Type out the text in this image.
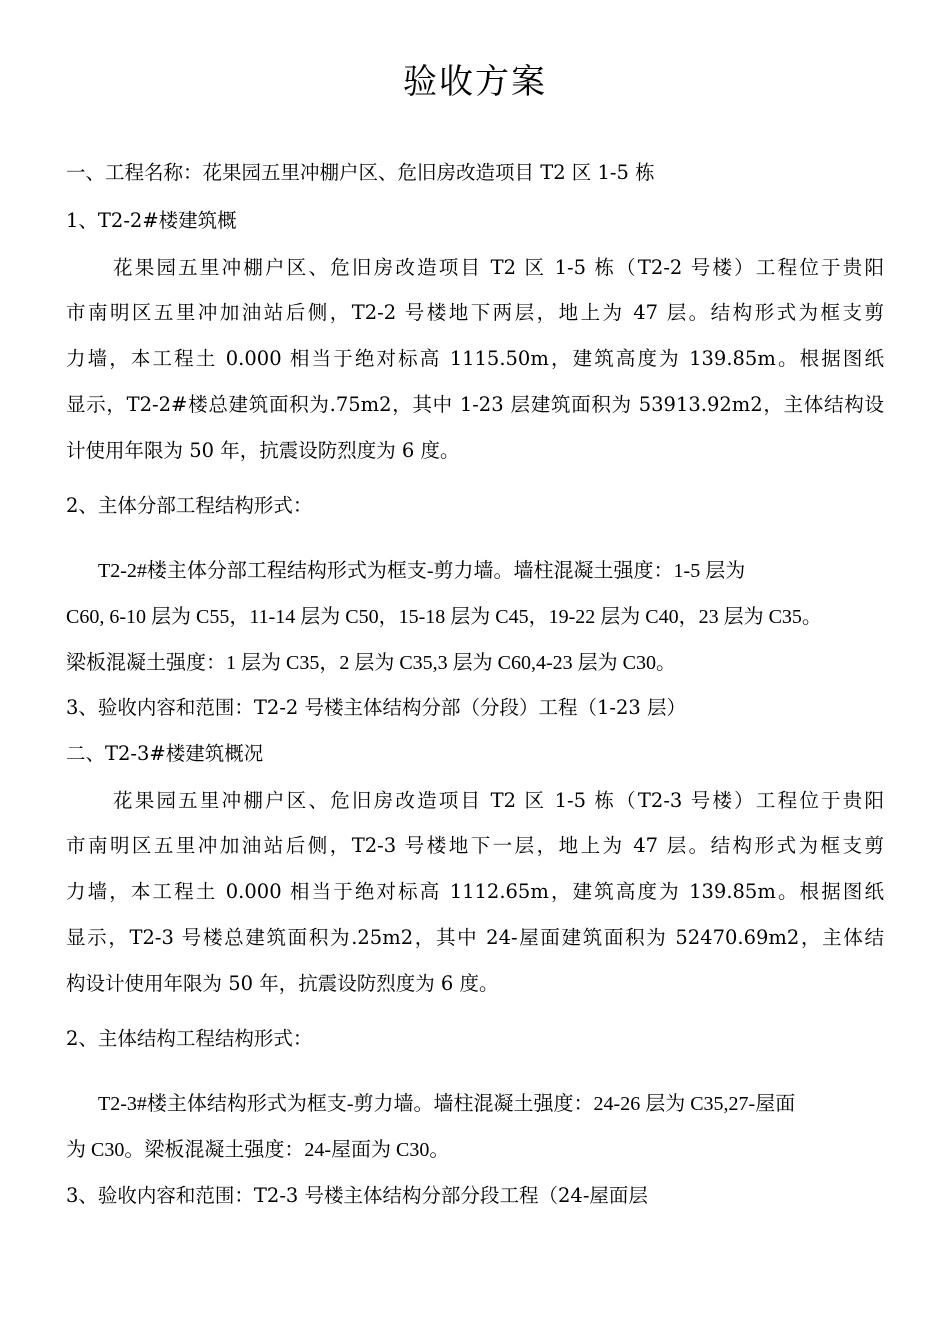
验收方案
一、工程名称：花果园五里冲棚户区、危旧房改造项目 T2 区 1-5 栋
1、T2-2#楼建筑概
花果园五里冲棚户区、危旧房改造项目 T2 区 1-5 栋（T2-2 号楼）工程位于贵阳
市南明区五里冲加油站后侧，T2-2 号楼地下两层，地上为 47 层。结构形式为框支剪
力墙，本工程土 0.000 相当于绝对标高 1115.50m，建筑高度为 139.85m。根据图纸
显示，T2-2#楼总建筑面积为.75m2，其中 1-23 层建筑面积为 53913.92m2，主体结构设
计使用年限为 50 年，抗震设防烈度为 6 度。
2、主体分部工程结构形式：
T2-2#楼主体分部工程结构形式为框支-剪力墙。墙柱混凝土强度：1-5 层为
C60, 6-10 层为 C55，11-14 层为 C50，15-18 层为 C45，19-22 层为 C40，23 层为 C35。
梁板混凝土强度：1 层为 C35，2 层为 C35,3 层为 C60,4-23 层为 C30。
3、验收内容和范围：T2-2 号楼主体结构分部（分段）工程（1-23 层）
二、T2-3#楼建筑概况
花果园五里冲棚户区、危旧房改造项目 T2 区 1-5 栋（T2-3 号楼）工程位于贵阳
市南明区五里冲加油站后侧，T2-3 号楼地下一层，地上为 47 层。结构形式为框支剪
力墙，本工程土 0.000 相当于绝对标高 1112.65m，建筑高度为 139.85m。根据图纸
显示，T2-3 号楼总建筑面积为.25m2，其中 24-屋面建筑面积为 52470.69m2，主体结
构设计使用年限为 50 年，抗震设防烈度为 6 度。
2、主体结构工程结构形式：
T2-3#楼主体结构形式为框支-剪力墙。墙柱混凝土强度：24-26 层为 C35,27-屋面
为 C30。梁板混凝土强度：24-屋面为 C30。
3、验收内容和范围：T2-3 号楼主体结构分部分段工程（24-屋面层
